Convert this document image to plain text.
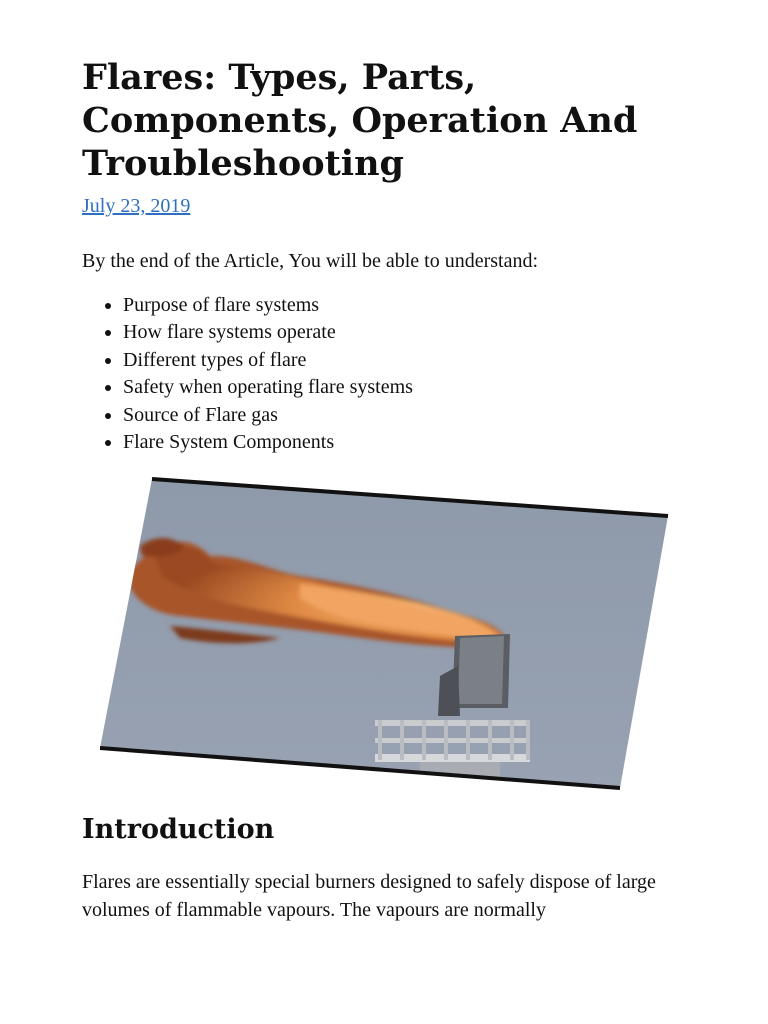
Flares: Types, Parts, Components, Operation And Troubleshooting
July 23, 2019

By the end of the Article, You will be able to understand:

• Purpose of flare systems
• How flare systems operate
• Different types of flare
• Safety when operating flare systems
• Source of Flare gas
• Flare System Components
Introduction

Flares are essentially special burners designed to safely dispose of large volumes of flammable vapours. The vapours are normally
